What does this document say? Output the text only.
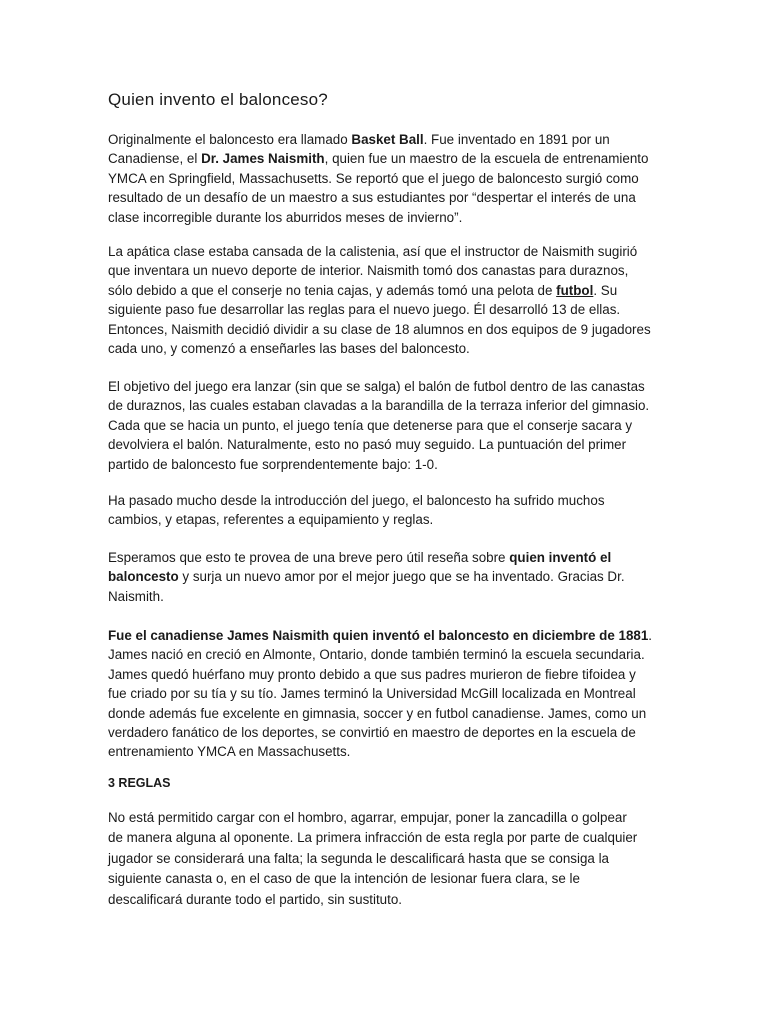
Quien invento el balonceso?

Originalmente el baloncesto era llamado Basket Ball. Fue inventado en 1891 por un
Canadiense, el Dr. James Naismith, quien fue un maestro de la escuela de entrenamiento
YMCA en Springfield, Massachusetts. Se reportó que el juego de baloncesto surgió como
resultado de un desafío de un maestro a sus estudiantes por “despertar el interés de una
clase incorregible durante los aburridos meses de invierno”.

La apática clase estaba cansada de la calistenia, así que el instructor de Naismith sugirió
que inventara un nuevo deporte de interior. Naismith tomó dos canastas para duraznos,
sólo debido a que el conserje no tenia cajas, y además tomó una pelota de futbol. Su
siguiente paso fue desarrollar las reglas para el nuevo juego. Él desarrolló 13 de ellas.
Entonces, Naismith decidió dividir a su clase de 18 alumnos en dos equipos de 9 jugadores
cada uno, y comenzó a enseñarles las bases del baloncesto.

El objetivo del juego era lanzar (sin que se salga) el balón de futbol dentro de las canastas
de duraznos, las cuales estaban clavadas a la barandilla de la terraza inferior del gimnasio.
Cada que se hacia un punto, el juego tenía que detenerse para que el conserje sacara y
devolviera el balón. Naturalmente, esto no pasó muy seguido. La puntuación del primer
partido de baloncesto fue sorprendentemente bajo: 1-0.

Ha pasado mucho desde la introducción del juego, el baloncesto ha sufrido muchos
cambios, y etapas, referentes a equipamiento y reglas.

Esperamos que esto te provea de una breve pero útil reseña sobre quien inventó el
baloncesto y surja un nuevo amor por el mejor juego que se ha inventado. Gracias Dr.
Naismith.

Fue el canadiense James Naismith quien inventó el baloncesto en diciembre de 1881.
James nació en creció en Almonte, Ontario, donde también terminó la escuela secundaria.
James quedó huérfano muy pronto debido a que sus padres murieron de fiebre tifoidea y
fue criado por su tía y su tío. James terminó la Universidad McGill localizada en Montreal
donde además fue excelente en gimnasia, soccer y en futbol canadiense. James, como un
verdadero fanático de los deportes, se convirtió en maestro de deportes en la escuela de
entrenamiento YMCA en Massachusetts.

3 REGLAS

No está permitido cargar con el hombro, agarrar, empujar, poner la zancadilla o golpear
de manera alguna al oponente. La primera infracción de esta regla por parte de cualquier
jugador se considerará una falta; la segunda le descalificará hasta que se consiga la
siguiente canasta o, en el caso de que la intención de lesionar fuera clara, se le
descalificará durante todo el partido, sin sustituto.
